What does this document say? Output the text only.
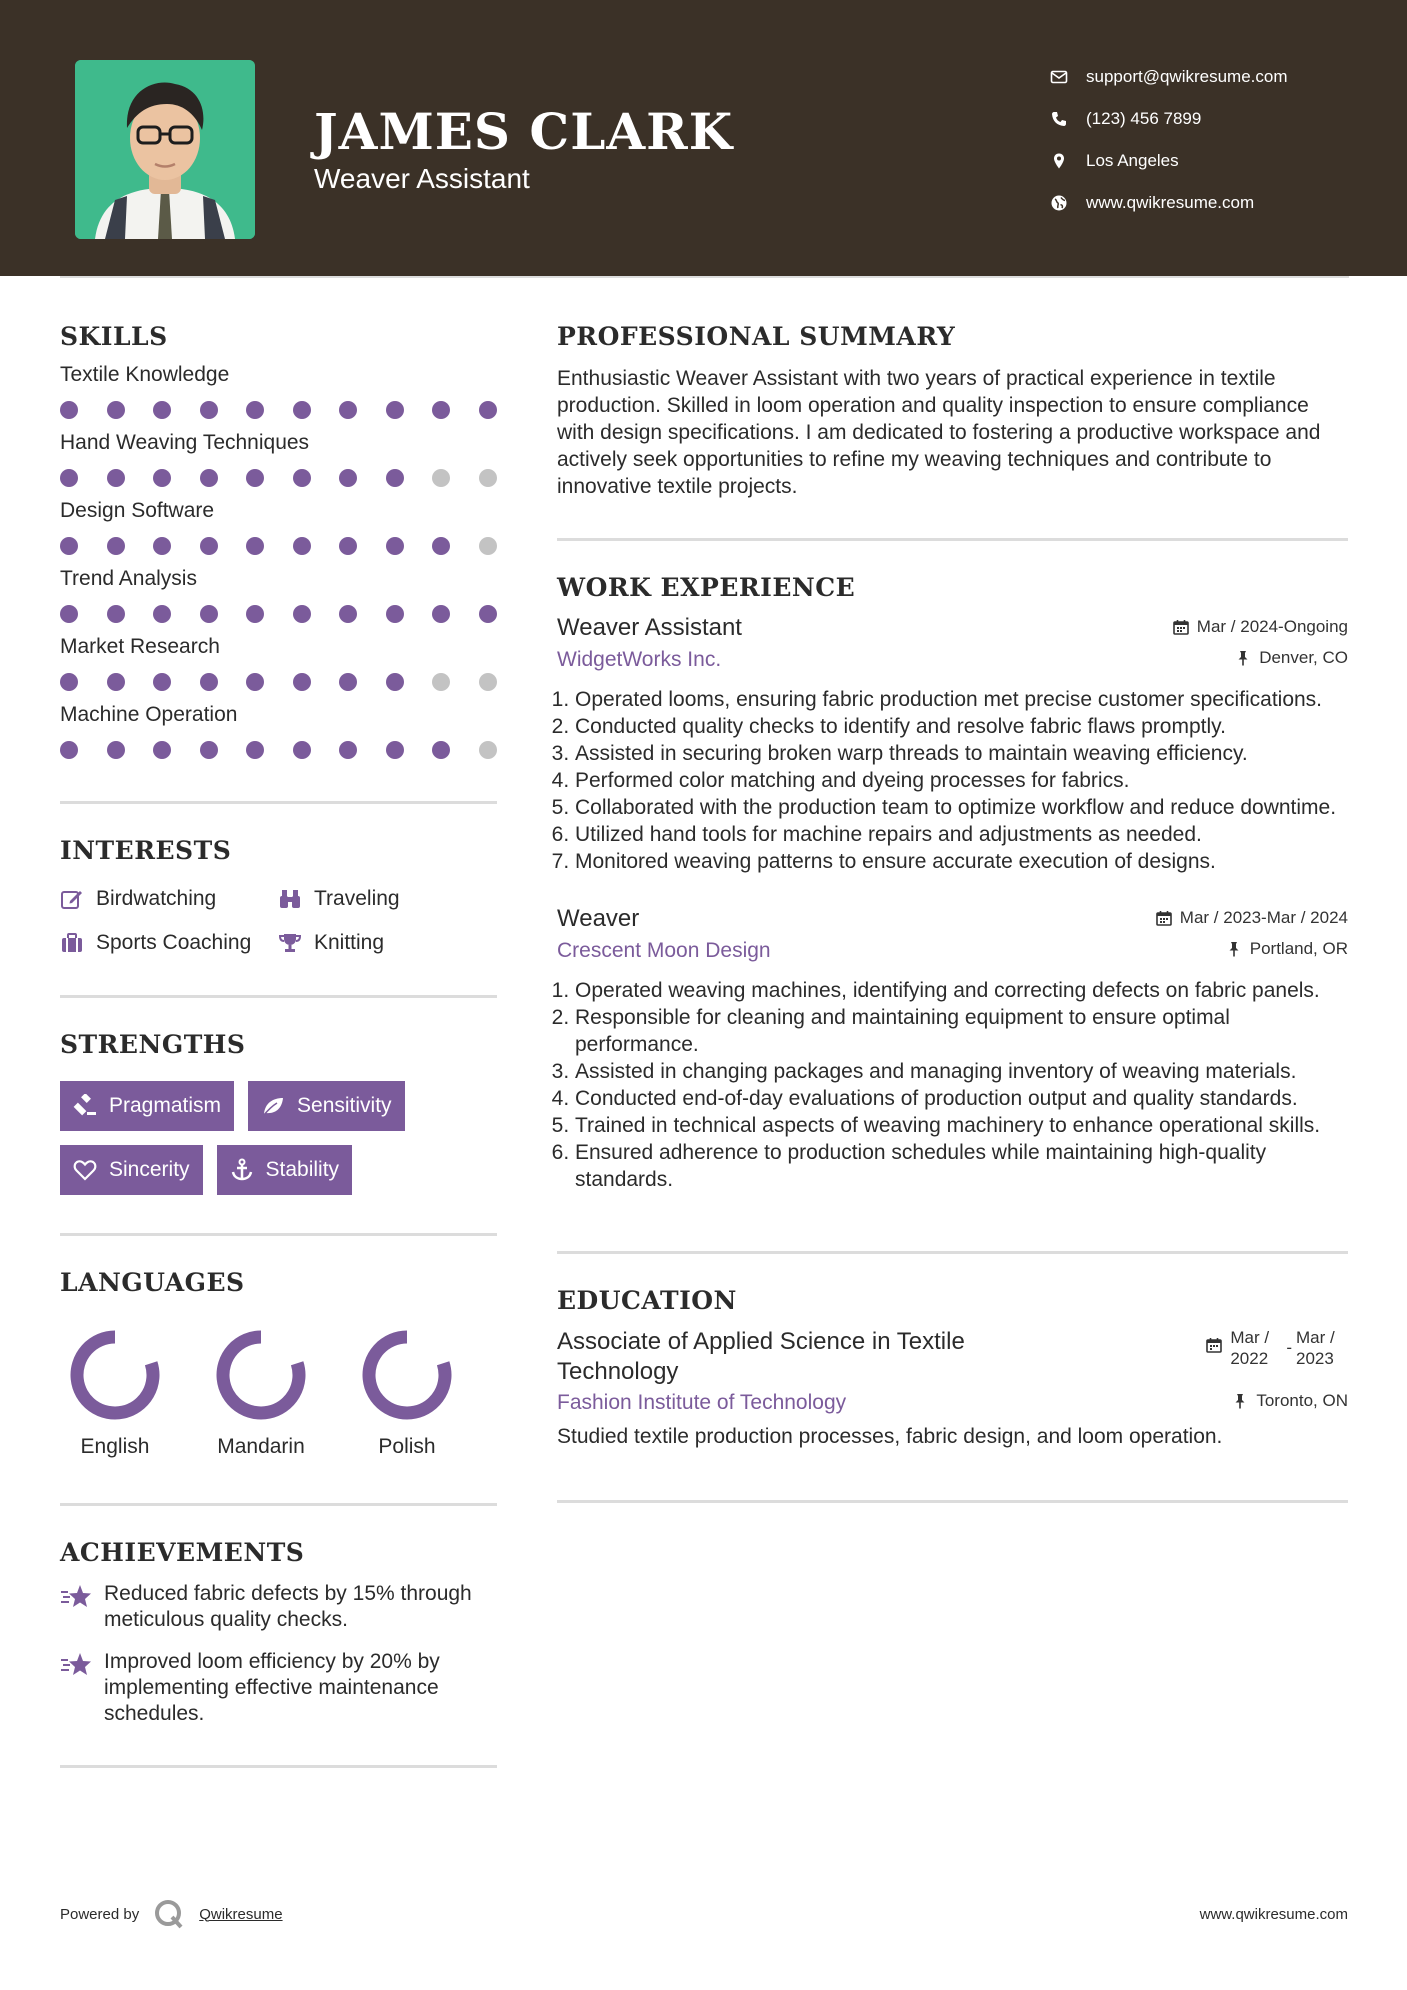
JAMES CLARK
Weaver Assistant
support@qwikresume.com
(123) 456 7899
Los Angeles
www.qwikresume.com
SKILLS
Textile Knowledge
Hand Weaving Techniques
Design Software
Trend Analysis
Market Research
Machine Operation
INTERESTS
Birdwatching	Traveling
Sports Coaching	Knitting
STRENGTHS
Pragmatism	Sensitivity
Sincerity	Stability
LANGUAGES
English	Mandarin	Polish
ACHIEVEMENTS
Reduced fabric defects by 15% through meticulous quality checks.
Improved loom efficiency by 20% by implementing effective maintenance schedules.
PROFESSIONAL SUMMARY
Enthusiastic Weaver Assistant with two years of practical experience in textile production. Skilled in loom operation and quality inspection to ensure compliance with design specifications. I am dedicated to fostering a productive workspace and actively seek opportunities to refine my weaving techniques and contribute to innovative textile projects.
WORK EXPERIENCE
Weaver Assistant	Mar / 2024-Ongoing
WidgetWorks Inc.	Denver, CO
1. Operated looms, ensuring fabric production met precise customer specifications.
2. Conducted quality checks to identify and resolve fabric flaws promptly.
3. Assisted in securing broken warp threads to maintain weaving efficiency.
4. Performed color matching and dyeing processes for fabrics.
5. Collaborated with the production team to optimize workflow and reduce downtime.
6. Utilized hand tools for machine repairs and adjustments as needed.
7. Monitored weaving patterns to ensure accurate execution of designs.
Weaver	Mar / 2023-Mar / 2024
Crescent Moon Design	Portland, OR
1. Operated weaving machines, identifying and correcting defects on fabric panels.
2. Responsible for cleaning and maintaining equipment to ensure optimal performance.
3. Assisted in changing packages and managing inventory of weaving materials.
4. Conducted end-of-day evaluations of production output and quality standards.
5. Trained in technical aspects of weaving machinery to enhance operational skills.
6. Ensured adherence to production schedules while maintaining high-quality standards.
EDUCATION
Associate of Applied Science in Textile Technology
Mar / 2022
-
Mar / 2023
Fashion Institute of Technology	Toronto, ON
Studied textile production processes, fabric design, and loom operation.
Powered by	Qwikresume	www.qwikresume.com
